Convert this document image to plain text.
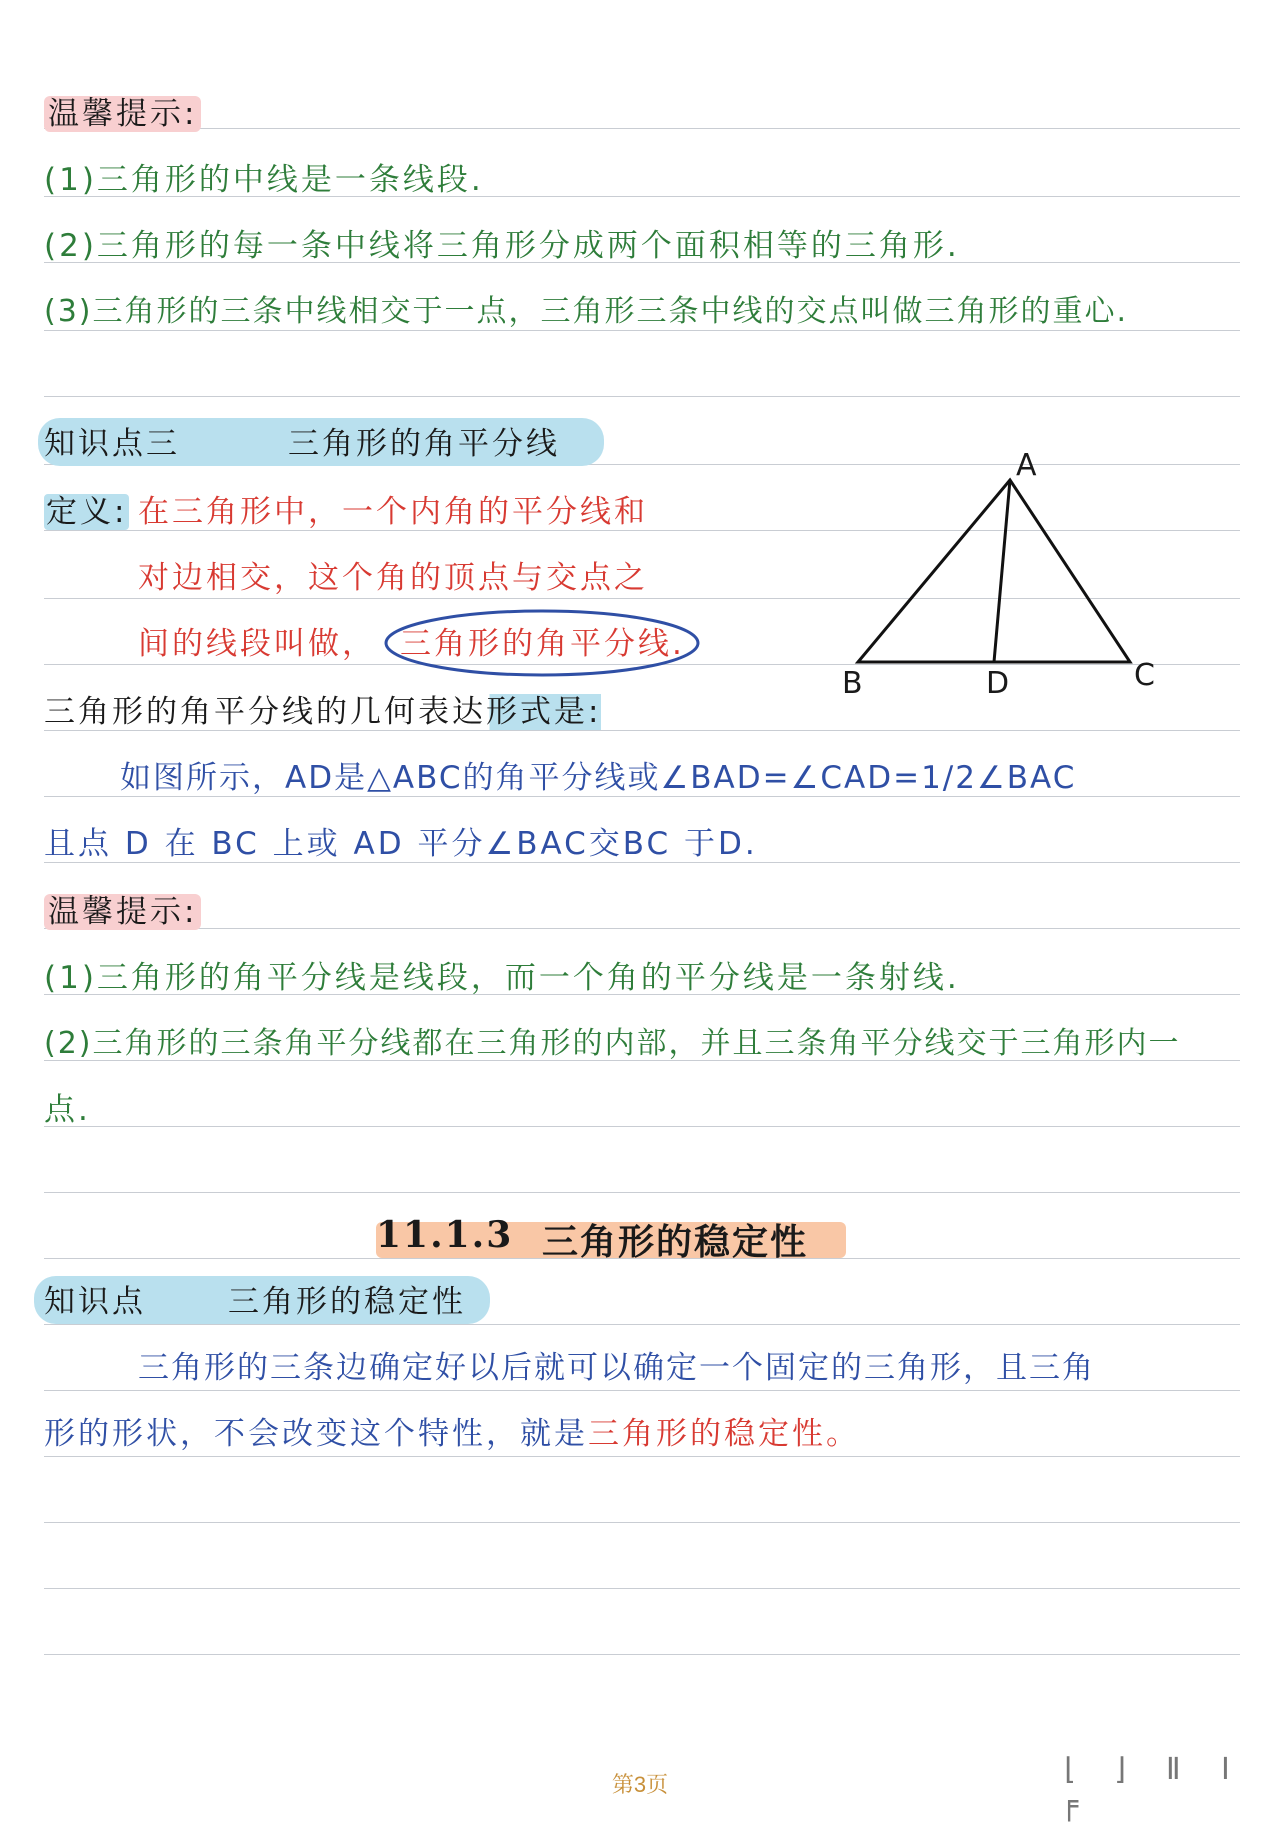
温馨提示:
(1)三角形的中线是一条线段.
(2)三角形的每一条中线将三角形分成两个面积相等的三角形.
(3)三角形的三条中线相交于一点，三角形三条中线的交点叫做三角形的重心.
知识点三	三角形的角平分线
定义: 在三角形中，一个内角的平分线和
对边相交，这个角的顶点与交点之
间的线段叫做， 三角形的角平分线.
三角形的角平分线的几何表达形式是:
如图所示，AD是△ABC的角平分线或∠BAD=∠CAD=1/2∠BAC
且点 D 在 BC 上或 AD 平分∠BAC交BC 于D.
A
B	D	C
温馨提示:
(1)三角形的角平分线是线段，而一个角的平分线是一条射线.
(2)三角形的三条角平分线都在三角形的内部，并且三条角平分线交于三角形内一
点.
11.1.3 三角形的稳定性
知识点	三角形的稳定性
三角形的三条边确定好以后就可以确定一个固定的三角形，且三角
形的形状，不会改变这个特性，就是三角形的稳定性。
⌊ ⌋ ǁ ǀ ╒
第3页
